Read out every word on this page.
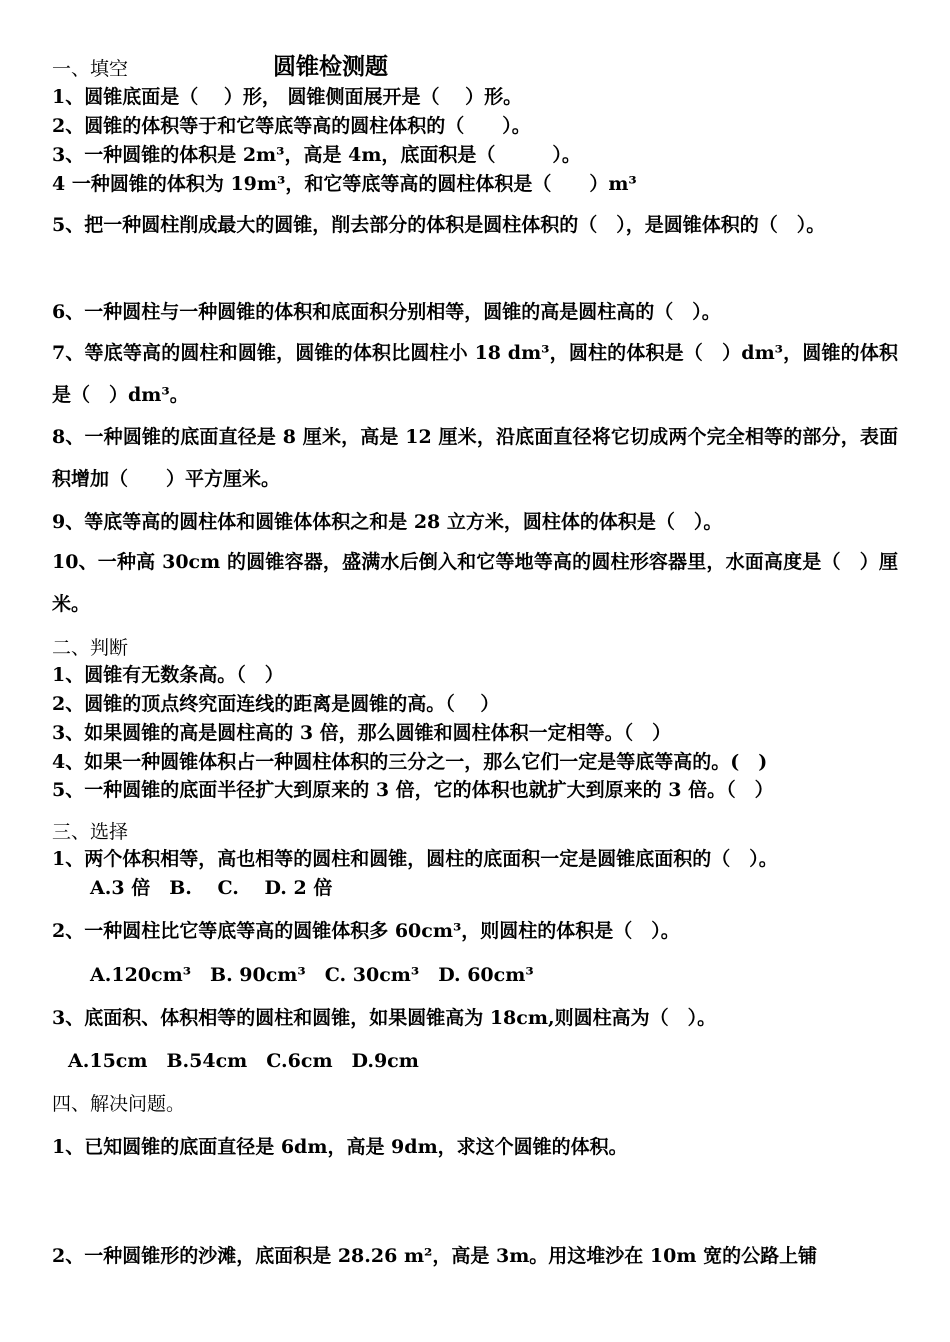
一、填空	圆锥检测题
1、圆锥底面是（　 ）形， 圆锥侧面展开是（　 ）形。
2、圆锥的体积等于和它等底等高的圆柱体积的（　　）。
3、一种圆锥的体积是 2m³，高是 4m，底面积是（　　　）。
4 一种圆锥的体积为 19m³，和它等底等高的圆柱体积是（　　）m³
5、把一种圆柱削成最大的圆锥，削去部分的体积是圆柱体积的（　），是圆锥体积的（　）。
6、一种圆柱与一种圆锥的体积和底面积分别相等，圆锥的高是圆柱高的（　）。
7、等底等高的圆柱和圆锥，圆锥的体积比圆柱小 18 dm³，圆柱的体积是（　）dm³，圆锥的体积是（　）dm³。
8、一种圆锥的底面直径是 8 厘米，高是 12 厘米，沿底面直径将它切成两个完全相等的部分，表面积增加（　　）平方厘米。
9、等底等高的圆柱体和圆锥体体积之和是 28 立方米，圆柱体的体积是（　）。
10、一种高 30cm 的圆锥容器，盛满水后倒入和它等地等高的圆柱形容器里，水面高度是（　）厘米。
二、判断
1、圆锥有无数条高。（　）
2、圆锥的顶点终究面连线的距离是圆锥的高。（　 ）
3、如果圆锥的高是圆柱高的 3 倍，那么圆锥和圆柱体积一定相等。（　）
4、如果一种圆锥体积占一种圆柱体积的三分之一，那么它们一定是等底等高的。(　)
5、一种圆锥的底面半径扩大到原来的 3 倍，它的体积也就扩大到原来的 3 倍。（　）
三、选择
1、两个体积相等，高也相等的圆柱和圆锥，圆柱的底面积一定是圆锥底面积的（　）。
A.3 倍　B.　 C.　 D. 2 倍
2、一种圆柱比它等底等高的圆锥体积多 60cm³，则圆柱的体积是（　）。
A.120cm³　B. 90cm³　C. 30cm³　D. 60cm³
3、底面积、体积相等的圆柱和圆锥，如果圆锥高为 18cm,则圆柱高为（　）。
A.15cm　B.54cm　C.6cm　D.9cm
四、解决问题。
1、已知圆锥的底面直径是 6dm，高是 9dm，求这个圆锥的体积。
2、一种圆锥形的沙滩，底面积是 28.26 m²，高是 3m。用这堆沙在 10m 宽的公路上铺
